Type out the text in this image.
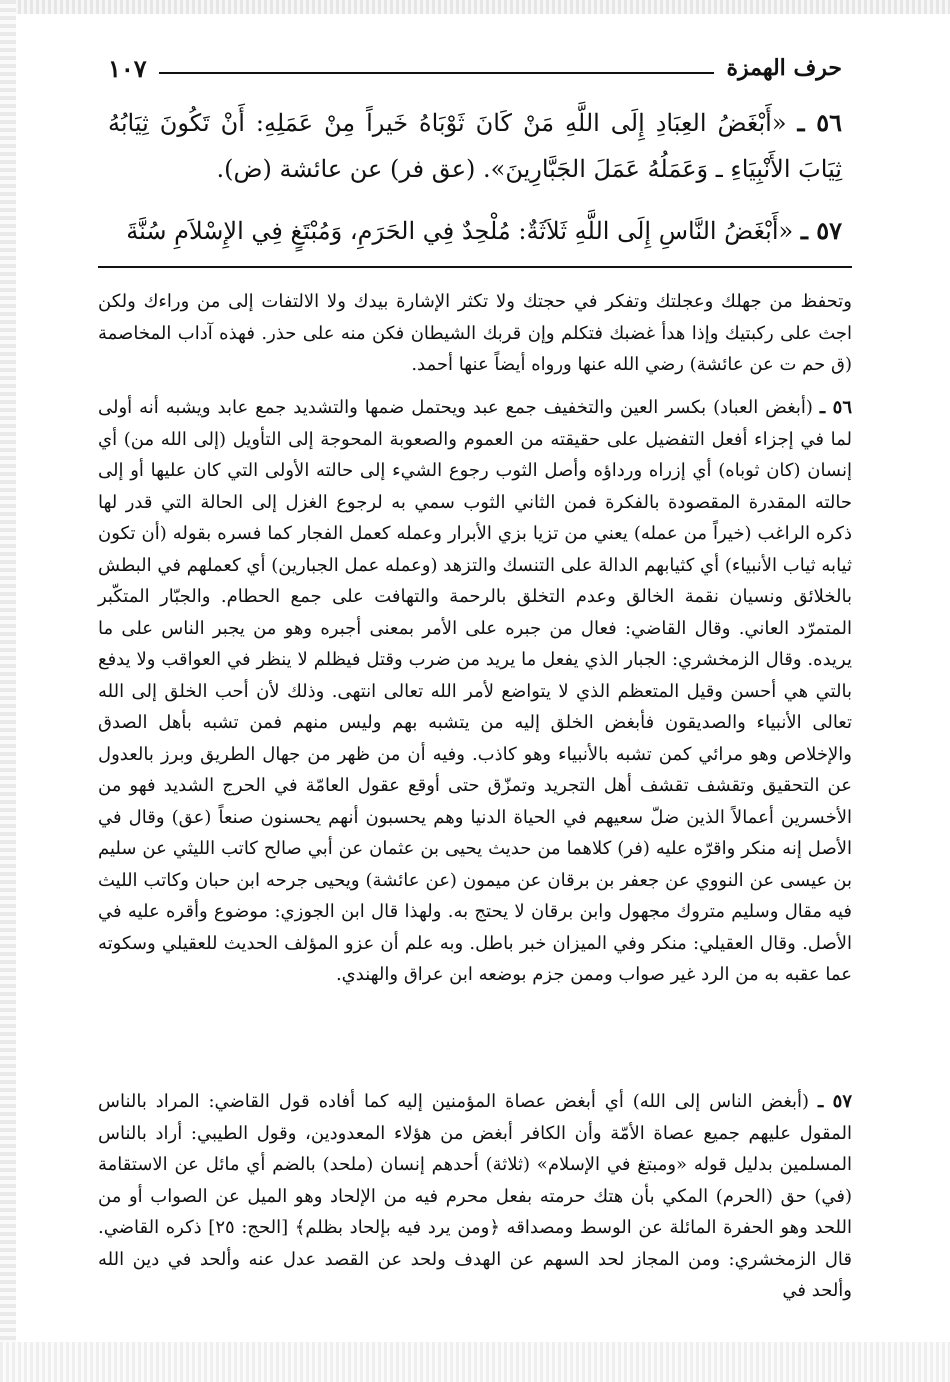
حرف الهمزة
١٠٧
٥٦ ـ «أَبْغَضُ العِبَادِ إِلَى اللَّهِ مَنْ كَانَ ثَوْبَاهُ خَيراً مِنْ عَمَلِهِ: أَنْ تَكُونَ ثِيَابُهُ ثِيَابَ الأَنْبِيَاءِ ـ وَعَمَلُهُ عَمَلَ الجَبَّارِينَ». (عق فر) عن عائشة (ض).
٥٧ ـ «أَبْغَضُ النَّاسِ إِلَى اللَّهِ ثَلاَثَةٌ: مُلْحِدٌ فِي الحَرَمِ، وَمُبْتَغٍ فِي الإِسْلاَمِ سُنَّةَ

وتحفظ من جهلك وعجلتك وتفكر في حجتك ولا تكثر الإشارة بيدك ولا الالتفات إلى من وراءك ولكن اجث على ركبتيك وإذا هدأ غضبك فتكلم وإن قربك الشيطان فكن منه على حذر. فهذه آداب المخاصمة (ق حم ت عن عائشة) رضي الله عنها ورواه أيضاً عنها أحمد.

٥٦ ـ (أبغض العباد) بكسر العين والتخفيف جمع عبد ويحتمل ضمها والتشديد جمع عابد ويشبه أنه أولى لما في إجزاء أفعل التفضيل على حقيقته من العموم والصعوبة المحوجة إلى التأويل (إلى الله من) أي إنسان (كان ثوباه) أي إزراه ورداؤه وأصل الثوب رجوع الشيء إلى حالته الأولى التي كان عليها أو إلى حالته المقدرة المقصودة بالفكرة فمن الثاني الثوب سمي به لرجوع الغزل إلى الحالة التي قدر لها ذكره الراغب (خيراً من عمله) يعني من تزيا بزي الأبرار وعمله كعمل الفجار كما فسره بقوله (أن تكون ثيابه ثياب الأنبياء) أي كثيابهم الدالة على التنسك والتزهد (وعمله عمل الجبارين) أي كعملهم في البطش بالخلائق ونسيان نقمة الخالق وعدم التخلق بالرحمة والتهافت على جمع الحطام. والجبّار المتكّبر المتمرّد العاني. وقال القاضي: فعال من جبره على الأمر بمعنى أجبره وهو من يجبر الناس على ما يريده. وقال الزمخشري: الجبار الذي يفعل ما يريد من ضرب وقتل فيظلم لا ينظر في العواقب ولا يدفع بالتي هي أحسن وقيل المتعظم الذي لا يتواضع لأمر الله تعالى انتهى. وذلك لأن أحب الخلق إلى الله تعالى الأنبياء والصديقون فأبغض الخلق إليه من يتشبه بهم وليس منهم فمن تشبه بأهل الصدق والإخلاص وهو مرائي كمن تشبه بالأنبياء وهو كاذب. وفيه أن من ظهر من جهال الطريق وبرز بالعدول عن التحقيق وتقشف تقشف أهل التجريد وتمزّق حتى أوقع عقول العامّة في الحرج الشديد فهو من الأخسرين أعمالاً الذين ضلّ سعيهم في الحياة الدنيا وهم يحسبون أنهم يحسنون صنعاً (عق) وقال في الأصل إنه منكر واقرّه عليه (فر) كلاهما من حديث يحيى بن عثمان عن أبي صالح كاتب الليثي عن سليم بن عيسى عن النووي عن جعفر بن برقان عن ميمون (عن عائشة) ويحيى جرحه ابن حبان وكاتب الليث فيه مقال وسليم متروك مجهول وابن برقان لا يحتج به. ولهذا قال ابن الجوزي: موضوع وأقره عليه في الأصل. وقال العقيلي: منكر وفي الميزان خبر باطل. وبه علم أن عزو المؤلف الحديث للعقيلي وسكوته عما عقبه به من الرد غير صواب وممن جزم بوضعه ابن عراق والهندي.

٥٧ ـ (أبغض الناس إلى الله) أي أبغض عصاة المؤمنين إليه كما أفاده قول القاضي: المراد بالناس المقول عليهم جميع عصاة الأمّة وأن الكافر أبغض من هؤلاء المعدودين، وقول الطيبي: أراد بالناس المسلمين بدليل قوله «ومبتغ في الإسلام» (ثلاثة) أحدهم إنسان (ملحد) بالضم أي مائل عن الاستقامة (في) حق (الحرم) المكي بأن هتك حرمته بفعل محرم فيه من الإلحاد وهو الميل عن الصواب أو من اللحد وهو الحفرة المائلة عن الوسط ومصداقه ﴿ومن يرد فيه بإلحاد بظلم﴾ [الحج: ٢٥] ذكره القاضي. قال الزمخشري: ومن المجاز لحد السهم عن الهدف ولحد عن القصد عدل عنه وألحد في دين الله وألحد في
